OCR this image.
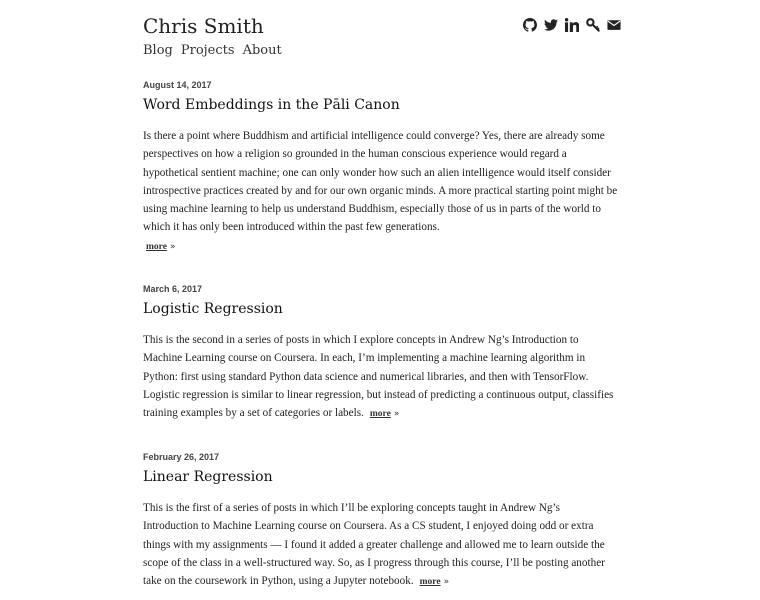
Chris Smith
Blog Projects About

August 14, 2017

Word Embeddings in the Pāli Canon

Is there a point where Buddhism and artificial intelligence could converge? Yes, there are already some perspectives on how a religion so grounded in the human conscious experience would regard a hypothetical sentient machine; one can only wonder how such an alien intelligence would itself consider introspective practices created by and for our own organic minds. A more practical starting point might be using machine learning to help us understand Buddhism, especially those of us in parts of the world to which it has only been introduced within the past few generations.
more »

March 6, 2017

Logistic Regression

This is the second in a series of posts in which I explore concepts in Andrew Ng’s Introduction to Machine Learning course on Coursera. In each, I’m implementing a machine learning algorithm in Python: first using standard Python data science and numerical libraries, and then with TensorFlow. Logistic regression is similar to linear regression, but instead of predicting a continuous output, classifies training examples by a set of categories or labels. more »

February 26, 2017

Linear Regression

This is the first of a series of posts in which I’ll be exploring concepts taught in Andrew Ng’s Introduction to Machine Learning course on Coursera. As a CS student, I enjoyed doing odd or extra things with my assignments — I found it added a greater challenge and allowed me to learn outside the scope of the class in a well-structured way. So, as I progress through this course, I’ll be posting another take on the coursework in Python, using a Jupyter notebook. more »
